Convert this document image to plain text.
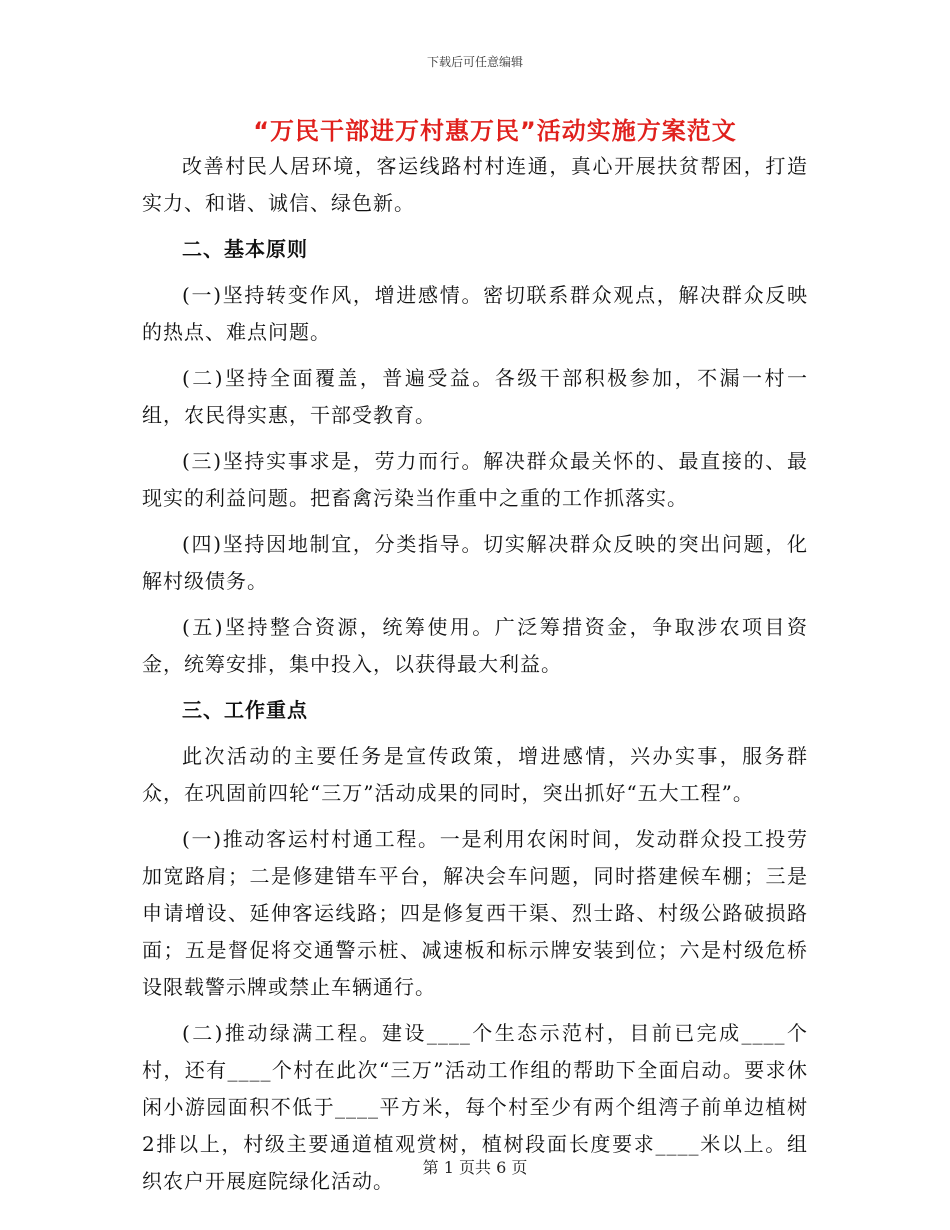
下载后可任意编辑
“万民干部进万村惠万民”活动实施方案范文

改善村民人居环境，客运线路村村连通，真心开展扶贫帮困，打造实力、和谐、诚信、绿色新。

二、基本原则

(一)坚持转变作风，增进感情。密切联系群众观点，解决群众反映的热点、难点问题。

(二)坚持全面覆盖，普遍受益。各级干部积极参加，不漏一村一组，农民得实惠，干部受教育。

(三)坚持实事求是，劳力而行。解决群众最关怀的、最直接的、最现实的利益问题。把畜禽污染当作重中之重的工作抓落实。

(四)坚持因地制宜，分类指导。切实解决群众反映的突出问题，化解村级债务。

(五)坚持整合资源，统筹使用。广泛筹措资金，争取涉农项目资金，统筹安排，集中投入，以获得最大利益。

三、工作重点

此次活动的主要任务是宣传政策，增进感情，兴办实事，服务群众，在巩固前四轮“三万”活动成果的同时，突出抓好“五大工程”。

(一)推动客运村村通工程。一是利用农闲时间，发动群众投工投劳加宽路肩；二是修建错车平台，解决会车问题，同时搭建候车棚；三是申请增设、延伸客运线路；四是修复西干渠、烈士路、村级公路破损路面；五是督促将交通警示桩、减速板和标示牌安装到位；六是村级危桥设限载警示牌或禁止车辆通行。

(二)推动绿满工程。建设____个生态示范村，目前已完成____个村，还有____个村在此次“三万”活动工作组的帮助下全面启动。要求休闲小游园面积不低于____平方米，每个村至少有两个组湾子前单边植树2排以上，村级主要通道植观赏树，植树段面长度要求____米以上。组织农户开展庭院绿化活动。

第 1 页共 6 页
